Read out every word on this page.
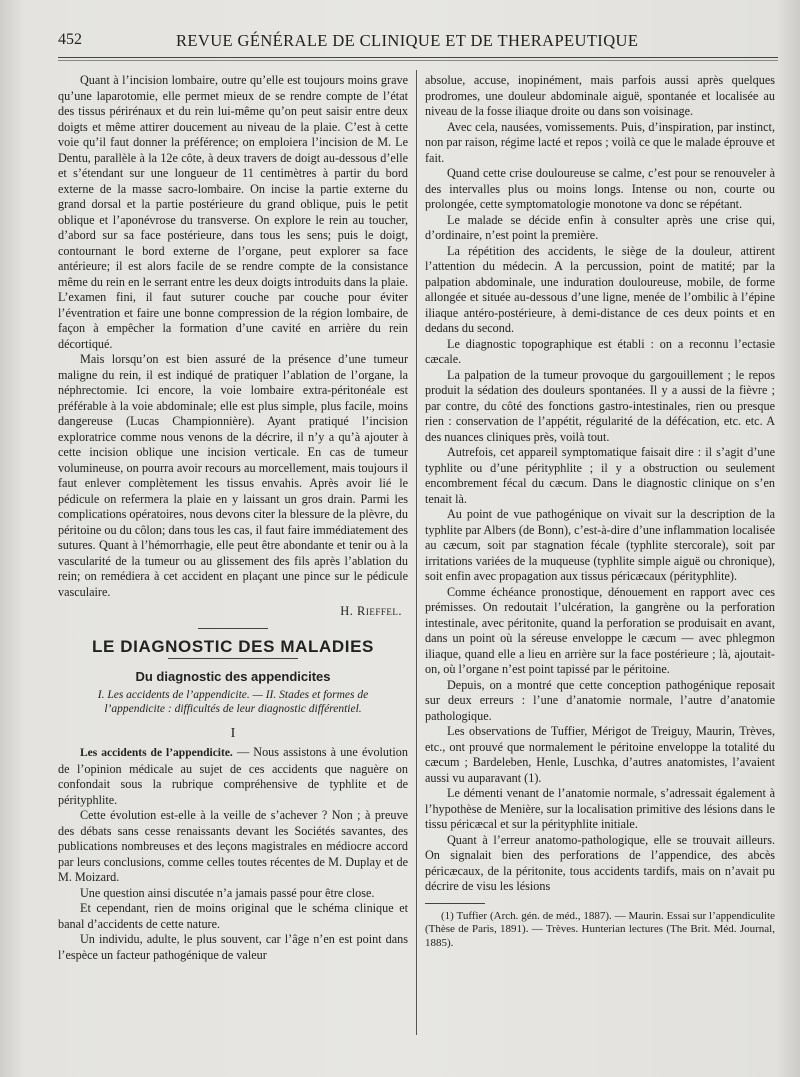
452	REVUE GÉNÉRALE DE CLINIQUE ET DE THERAPEUTIQUE

Quant à l’incision lombaire, outre qu’elle est toujours moins grave qu’une laparotomie, elle permet mieux de se rendre compte de l’état des tissus périrénaux et du rein lui-même qu’on peut saisir entre deux doigts et même attirer doucement au niveau de la plaie. C’est à cette voie qu’il faut donner la préférence; on emploiera l’incision de M. Le Dentu, parallèle à la 12e côte, à deux travers de doigt au-dessous d’elle et s’étendant sur une longueur de 11 centimètres à partir du bord externe de la masse sacro-lombaire. On incise la partie externe du grand dorsal et la partie postérieure du grand oblique, puis le petit oblique et l’aponévrose du transverse. On explore le rein au toucher, d’abord sur sa face postérieure, dans tous les sens; puis le doigt, contournant le bord externe de l’organe, peut explorer sa face antérieure; il est alors facile de se rendre compte de la consistance même du rein en le serrant entre les deux doigts introduits dans la plaie. L’examen fini, il faut suturer couche par couche pour éviter l’éventration et faire une bonne compression de la région lombaire, de façon à empêcher la formation d’une cavité en arrière du rein décortiqué.

Mais lorsqu’on est bien assuré de la présence d’une tumeur maligne du rein, il est indiqué de pratiquer l’ablation de l’organe, la néphrectomie. Ici encore, la voie lombaire extra-péritonéale est préférable à la voie abdominale; elle est plus simple, plus facile, moins dangereuse (Lucas Championnière). Ayant pratiqué l’incision exploratrice comme nous venons de la décrire, il n’y a qu’à ajouter à cette incision oblique une incision verticale. En cas de tumeur volumineuse, on pourra avoir recours au morcellement, mais toujours il faut enlever complètement les tissus envahis. Après avoir lié le pédicule on refermera la plaie en y laissant un gros drain. Parmi les complications opératoires, nous devons citer la blessure de la plèvre, du péritoine ou du côlon; dans tous les cas, il faut faire immédiatement des sutures. Quant à l’hémorrhagie, elle peut être abondante et tenir ou à la vascularité de la tumeur ou au glissement des fils après l’ablation du rein; on remédiera à cet accident en plaçant une pince sur le pédicule vasculaire.

H. Rieffel.
LE DIAGNOSTIC DES MALADIES
Du diagnostic des appendicites
I. Les accidents de l’appendicite. — II. Stades et formes de l’appendicite : difficultés de leur diagnostic différentiel.
I

Les accidents de l’appendicite. — Nous assistons à une évolution de l’opinion médicale au sujet de ces accidents que naguère on confondait sous la rubrique compréhensive de typhlite et de pérityphlite.

Cette évolution est-elle à la veille de s’achever ? Non ; à preuve des débats sans cesse renaissants devant les Sociétés savantes, des publications nombreuses et des leçons magistrales en médiocre accord par leurs conclusions, comme celles toutes récentes de M. Duplay et de M. Moizard.

Une question ainsi discutée n’a jamais passé pour être close.

Et cependant, rien de moins original que le schéma clinique et banal d’accidents de cette nature.

Un individu, adulte, le plus souvent, car l’âge n’en est point dans l’espèce un facteur pathogénique de valeur

absolue, accuse, inopinément, mais parfois aussi après quelques prodromes, une douleur abdominale aiguë, spontanée et localisée au niveau de la fosse iliaque droite ou dans son voisinage.

Avec cela, nausées, vomissements. Puis, d’inspiration, par instinct, non par raison, régime lacté et repos ; voilà ce que le malade éprouve et fait.

Quand cette crise douloureuse se calme, c’est pour se renouveler à des intervalles plus ou moins longs. Intense ou non, courte ou prolongée, cette symptomatologie monotone va donc se répétant.

Le malade se décide enfin à consulter après une crise qui, d’ordinaire, n’est point la première.

La répétition des accidents, le siège de la douleur, attirent l’attention du médecin. A la percussion, point de matité; par la palpation abdominale, une induration douloureuse, mobile, de forme allongée et située au-dessous d’une ligne, menée de l’ombilic à l’épine iliaque antéro-postérieure, à demi-distance de ces deux points et en dedans du second.

Le diagnostic topographique est établi : on a reconnu l’ectasie cæcale.

La palpation de la tumeur provoque du gargouillement ; le repos produit la sédation des douleurs spontanées. Il y a aussi de la fièvre ; par contre, du côté des fonctions gastro-intestinales, rien ou presque rien : conservation de l’appétit, régularité de la défécation, etc. etc. A des nuances cliniques près, voilà tout.

Autrefois, cet appareil symptomatique faisait dire : il s’agit d’une typhlite ou d’une pérityphlite ; il y a obstruction ou seulement encombrement fécal du cæcum. Dans le diagnostic clinique on s’en tenait là.

Au point de vue pathogénique on vivait sur la description de la typhlite par Albers (de Bonn), c’est-à-dire d’une inflammation localisée au cæcum, soit par stagnation fécale (typhlite stercorale), soit par irritations variées de la muqueuse (typhlite simple aiguë ou chronique), soit enfin avec propagation aux tissus péricæcaux (pérityphlite).

Comme échéance pronostique, dénouement en rapport avec ces prémisses. On redoutait l’ulcération, la gangrène ou la perforation intestinale, avec péritonite, quand la perforation se produisait en avant, dans un point où la séreuse enveloppe le cæcum — avec phlegmon iliaque, quand elle a lieu en arrière sur la face postérieure ; là, ajoutait-on, où l’organe n’est point tapissé par le péritoine.

Depuis, on a montré que cette conception pathogénique reposait sur deux erreurs : l’une d’anatomie normale, l’autre d’anatomie pathologique.

Les observations de Tuffier, Mérigot de Treiguy, Maurin, Trèves, etc., ont prouvé que normalement le péritoine enveloppe la totalité du cæcum ; Bardeleben, Henle, Luschka, d’autres anatomistes, l’avaient aussi vu auparavant (1).

Le démenti venant de l’anatomie normale, s’adressait également à l’hypothèse de Menière, sur la localisation primitive des lésions dans le tissu péricæcal et sur la pérityphlite initiale.

Quant à l’erreur anatomo-pathologique, elle se trouvait ailleurs. On signalait bien des perforations de l’appendice, des abcès péricæcaux, de la péritonite, tous accidents tardifs, mais on n’avait pu décrire de visu les lésions

(1) Tuffier (Arch. gén. de méd., 1887). — Maurin. Essai sur l’appendiculite (Thèse de Paris, 1891). — Trèves. Hunterian lectures (The Brit. Méd. Journal, 1885).
